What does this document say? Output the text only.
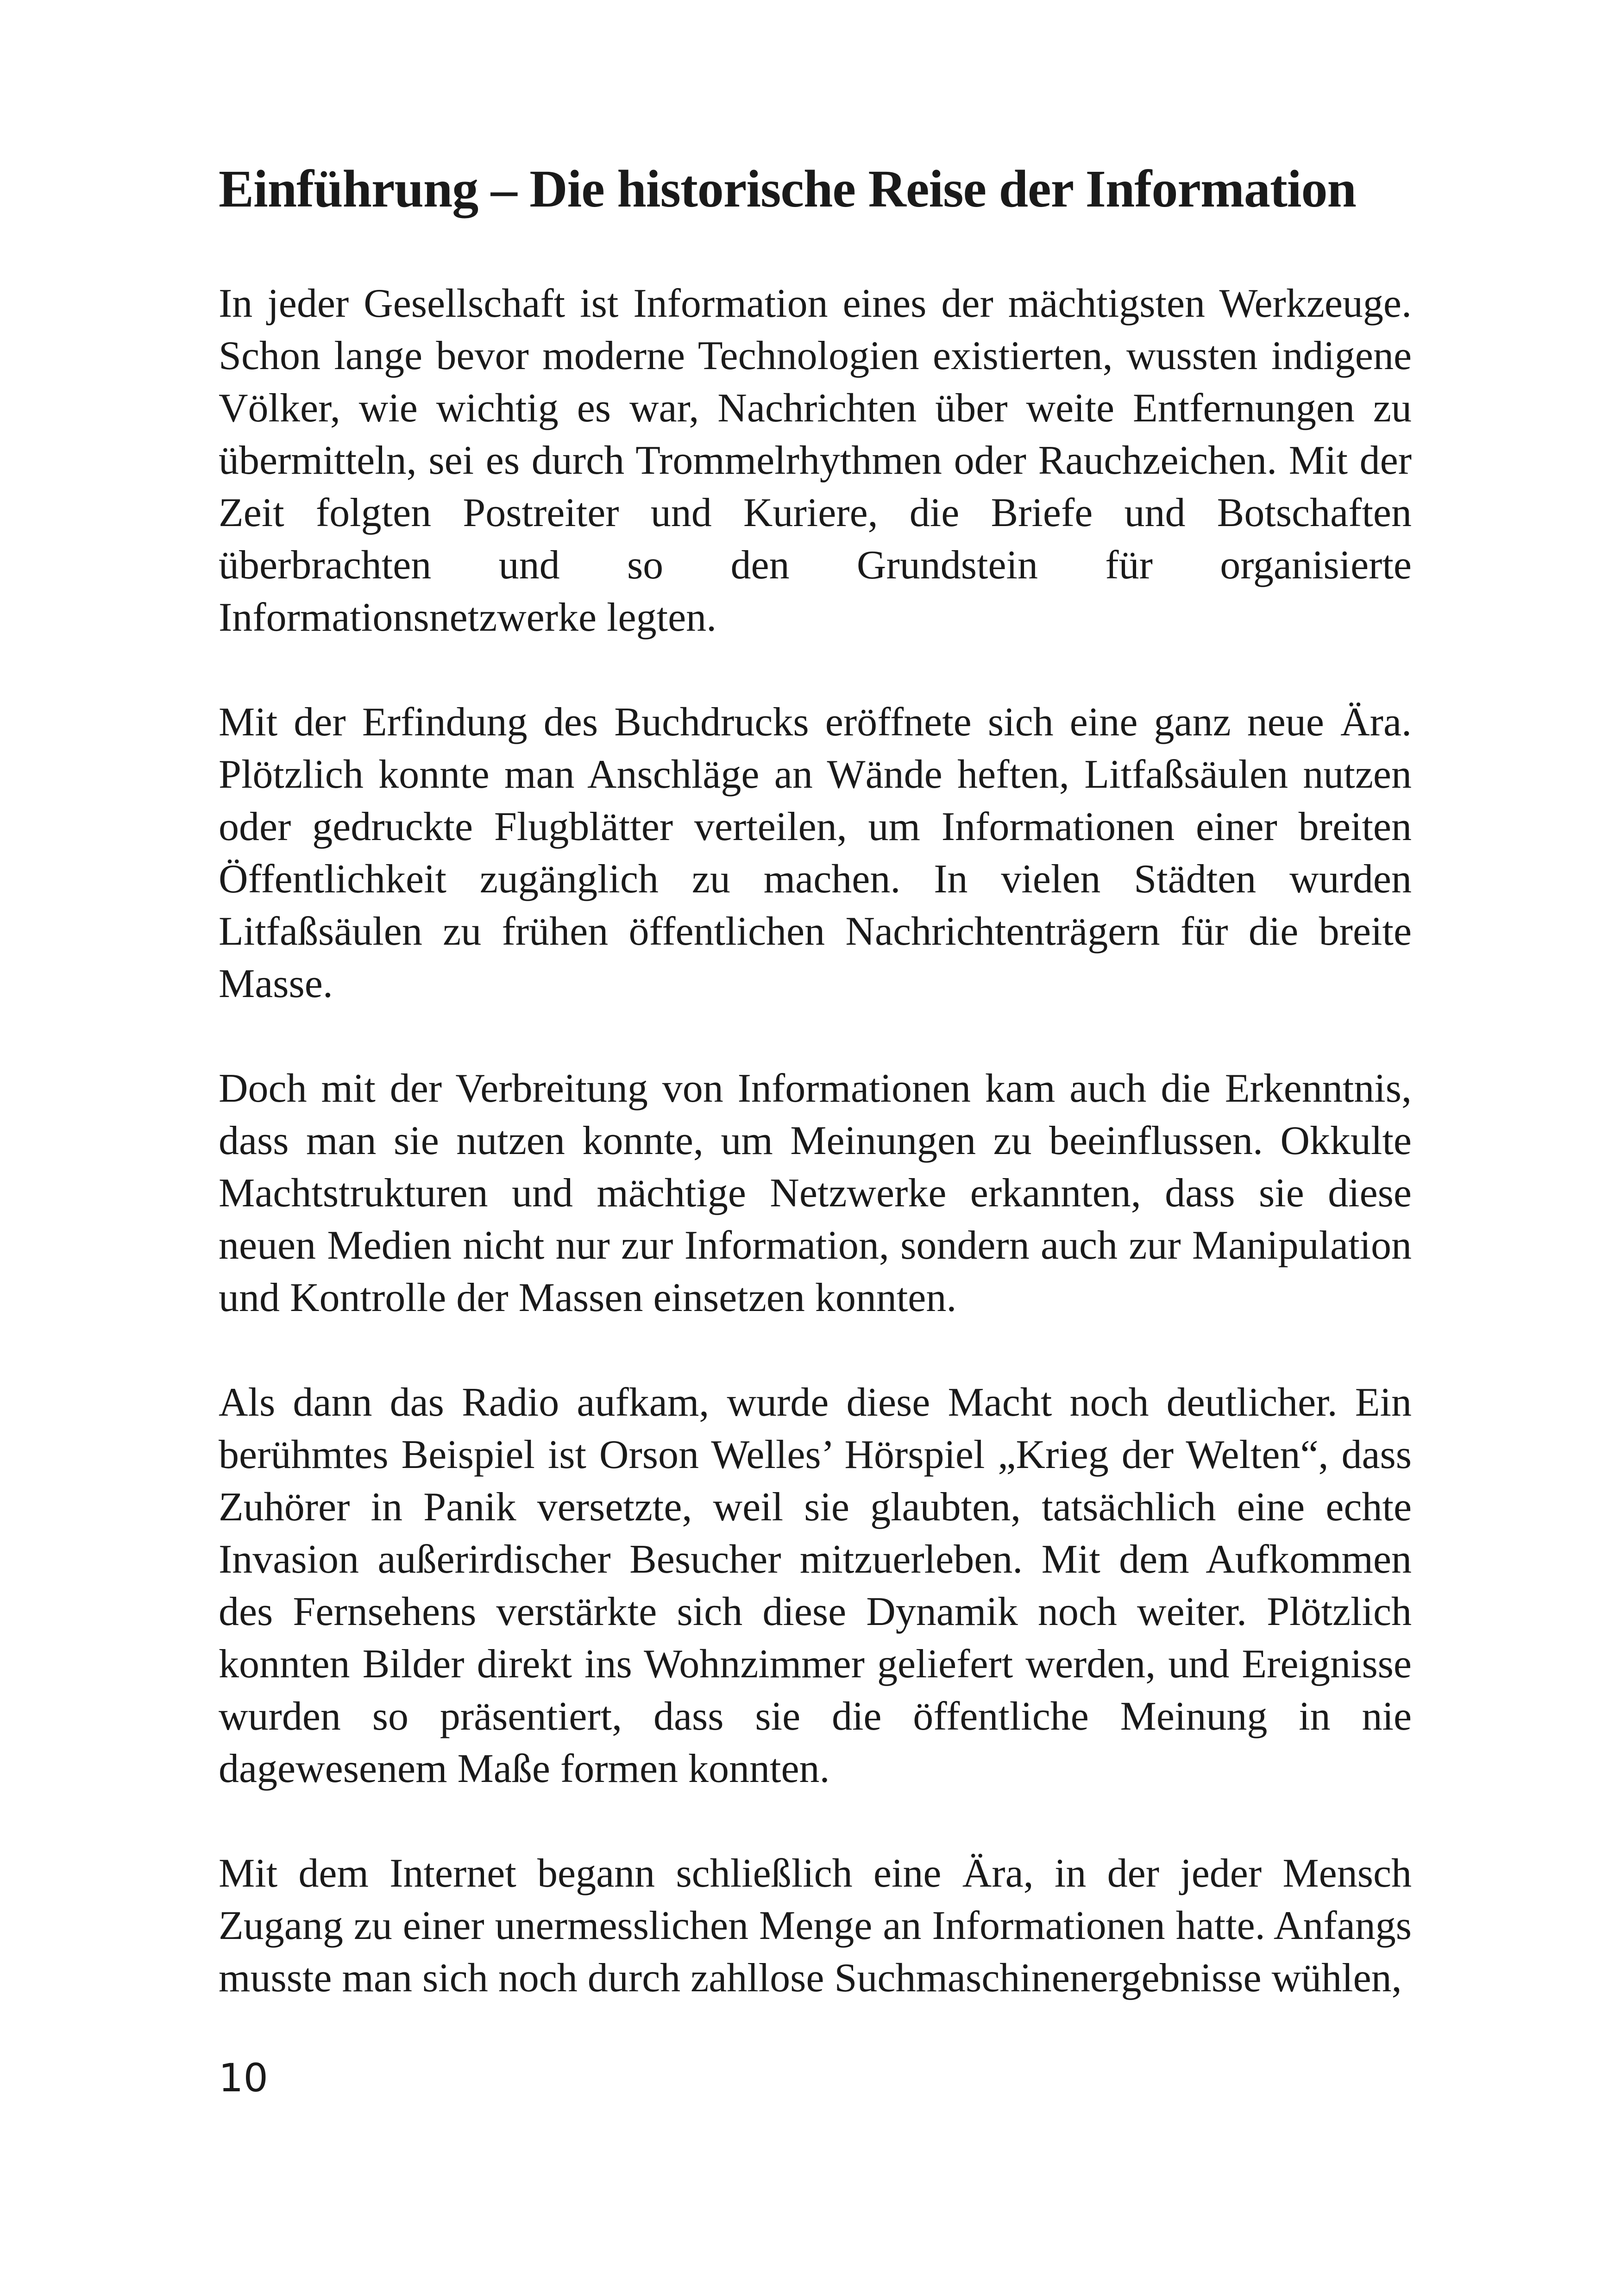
Einführung – Die historische Reise der Information

In jeder Gesellschaft ist Information eines der mächtigsten Werkzeuge. Schon lange bevor moderne Technologien existierten, wussten indigene Völker, wie wichtig es war, Nachrichten über weite Entfernungen zu übermitteln, sei es durch Trommelrhythmen oder Rauchzeichen. Mit der Zeit folgten Postreiter und Kuriere, die Briefe und Botschaften überbrachten und so den Grundstein für organisierte Informationsnetzwerke legten.

Mit der Erfindung des Buchdrucks eröffnete sich eine ganz neue Ära. Plötzlich konnte man Anschläge an Wände heften, Litfaßsäulen nutzen oder gedruckte Flugblätter verteilen, um Informationen einer breiten Öffentlichkeit zugänglich zu machen. In vielen Städten wurden Litfaßsäulen zu frühen öffentlichen Nachrichtenträgern für die breite Masse.

Doch mit der Verbreitung von Informationen kam auch die Erkenntnis, dass man sie nutzen konnte, um Meinungen zu beeinflussen. Okkulte Machtstrukturen und mächtige Netzwerke erkannten, dass sie diese neuen Medien nicht nur zur Information, sondern auch zur Manipulation und Kontrolle der Massen einsetzen konnten.

Als dann das Radio aufkam, wurde diese Macht noch deutlicher. Ein berühmtes Beispiel ist Orson Welles’ Hörspiel „Krieg der Welten“, dass Zuhörer in Panik versetzte, weil sie glaubten, tatsächlich eine echte Invasion außerirdischer Besucher mitzuerleben. Mit dem Aufkommen des Fernsehens verstärkte sich diese Dynamik noch weiter. Plötzlich konnten Bilder direkt ins Wohnzimmer geliefert werden, und Ereignisse wurden so präsentiert, dass sie die öffentliche Meinung in nie dagewesenem Maße formen konnten.

Mit dem Internet begann schließlich eine Ära, in der jeder Mensch Zugang zu einer unermesslichen Menge an Informationen hatte. Anfangs musste man sich noch durch zahllose Suchmaschinenergebnisse wühlen,

10
